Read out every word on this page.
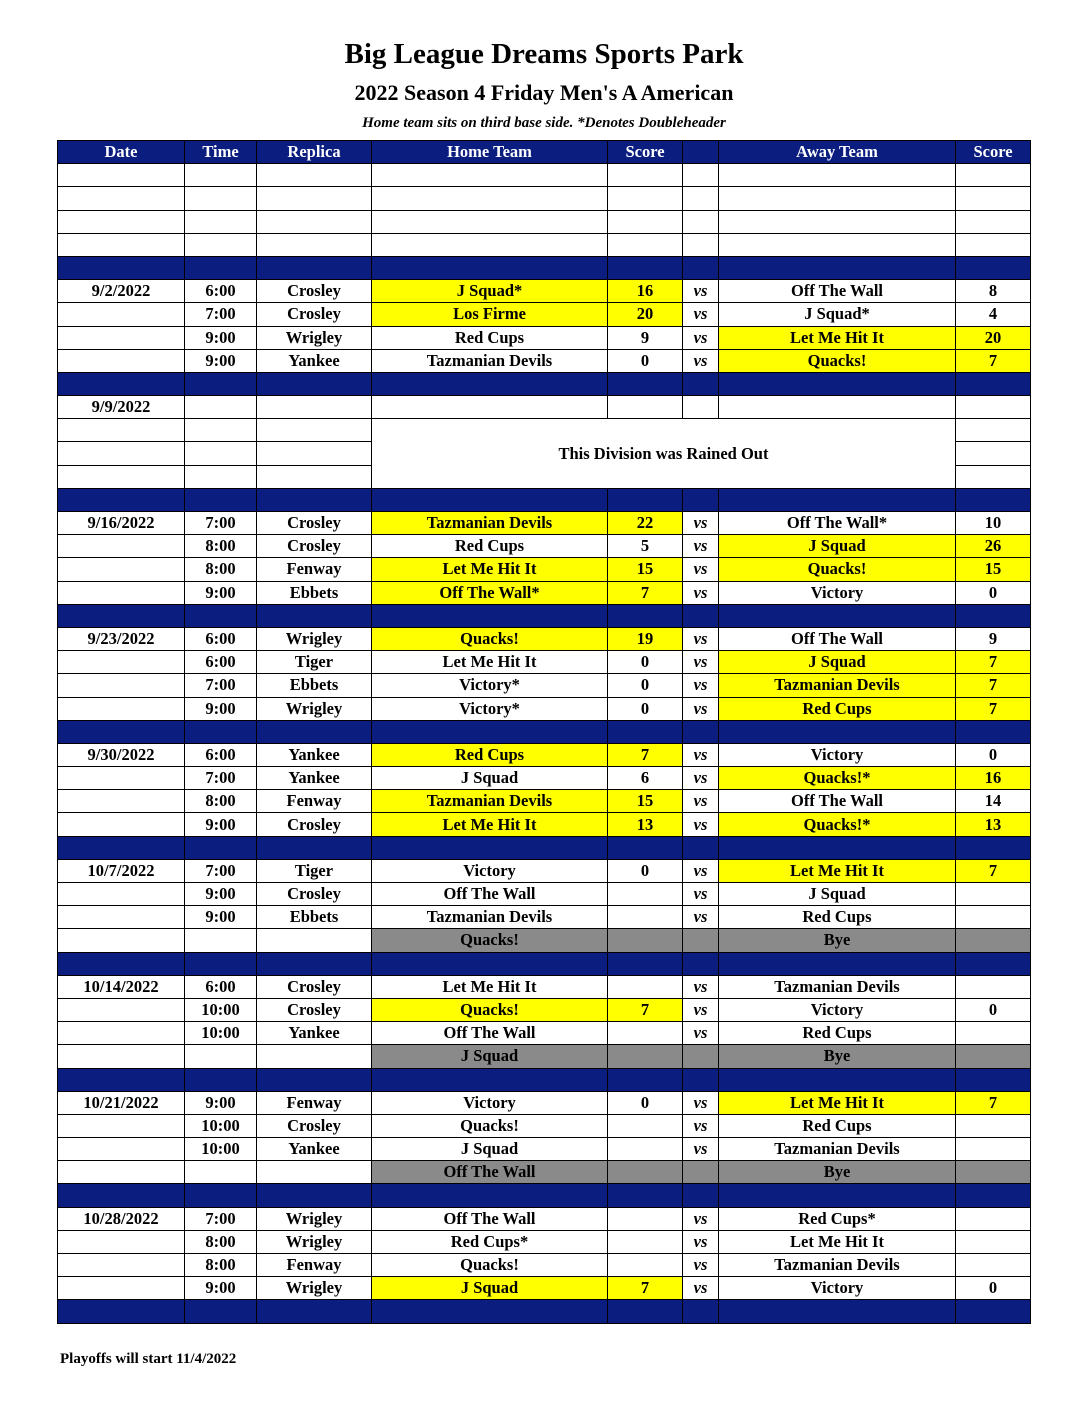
Big League Dreams Sports Park
2022 Season 4 Friday Men's A American
Home team sits on third base side. *Denotes Doubleheader
Date	Time	Replica	Home Team	Score		Away Team	Score

9/2/2022	6:00	Crosley	J Squad*	16	vs	Off The Wall	8
	7:00	Crosley	Los Firme	20	vs	J Squad*	4
	9:00	Wrigley	Red Cups	9	vs	Let Me Hit It	20
	9:00	Yankee	Tazmanian Devils	0	vs	Quacks!	7

9/9/2022							
			This Division was Rained Out				

9/16/2022	7:00	Crosley	Tazmanian Devils	22	vs	Off The Wall*	10
	8:00	Crosley	Red Cups	5	vs	J Squad	26
	8:00	Fenway	Let Me Hit It	15	vs	Quacks!	15
	9:00	Ebbets	Off The Wall*	7	vs	Victory	0

9/23/2022	6:00	Wrigley	Quacks!	19	vs	Off The Wall	9
	6:00	Tiger	Let Me Hit It	0	vs	J Squad	7
	7:00	Ebbets	Victory*	0	vs	Tazmanian Devils	7
	9:00	Wrigley	Victory*	0	vs	Red Cups	7

9/30/2022	6:00	Yankee	Red Cups	7	vs	Victory	0
	7:00	Yankee	J Squad	6	vs	Quacks!*	16
	8:00	Fenway	Tazmanian Devils	15	vs	Off The Wall	14
	9:00	Crosley	Let Me Hit It	13	vs	Quacks!*	13

10/7/2022	7:00	Tiger	Victory	0	vs	Let Me Hit It	7
	9:00	Crosley	Off The Wall		vs	J Squad	
	9:00	Ebbets	Tazmanian Devils		vs	Red Cups	
			Quacks!			Bye	

10/14/2022	6:00	Crosley	Let Me Hit It		vs	Tazmanian Devils	
	10:00	Crosley	Quacks!	7	vs	Victory	0
	10:00	Yankee	Off The Wall		vs	Red Cups	
			J Squad			Bye	

10/21/2022	9:00	Fenway	Victory	0	vs	Let Me Hit It	7
	10:00	Crosley	Quacks!		vs	Red Cups	
	10:00	Yankee	J Squad		vs	Tazmanian Devils	
			Off The Wall			Bye	

10/28/2022	7:00	Wrigley	Off The Wall		vs	Red Cups*	
	8:00	Wrigley	Red Cups*		vs	Let Me Hit It	
	8:00	Fenway	Quacks!		vs	Tazmanian Devils	
	9:00	Wrigley	J Squad	7	vs	Victory	0

Playoffs will start 11/4/2022
